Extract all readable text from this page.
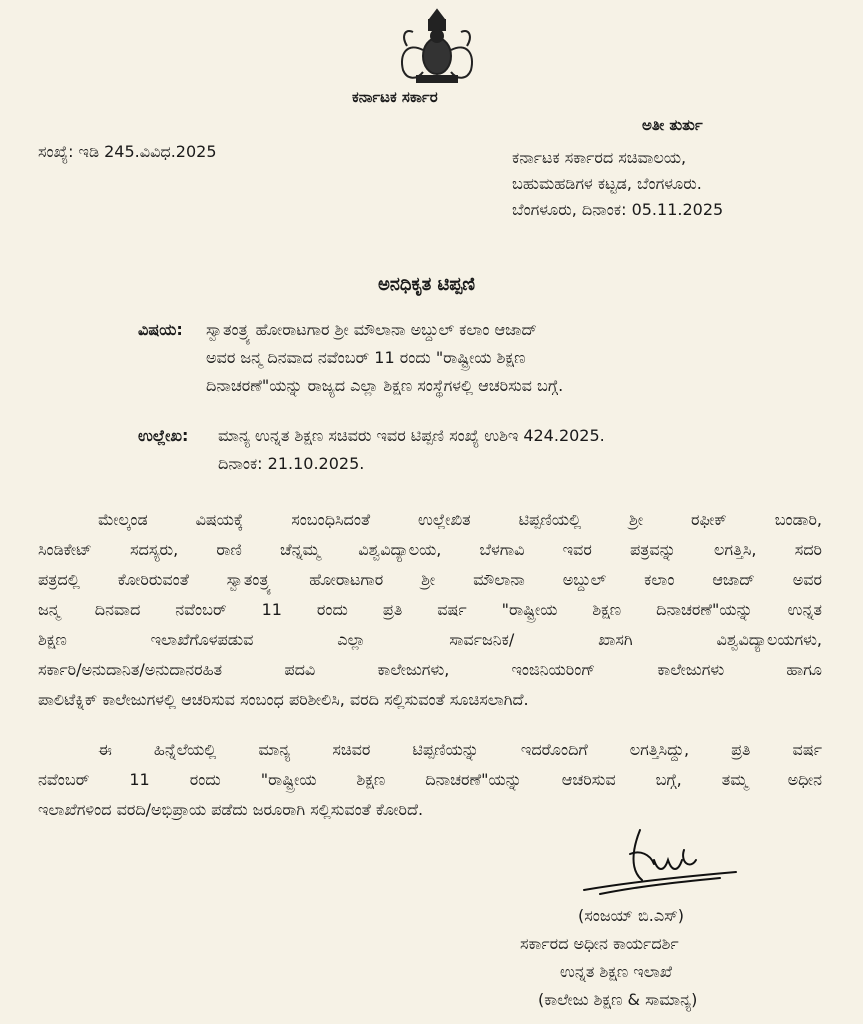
ಕರ್ನಾಟಕ ಸರ್ಕಾರ
ಅತೀ ತುರ್ತು
ಸಂಖ್ಯೆ: ಇಡಿ 245.ವಿವಿಧ.2025	ಕರ್ನಾಟಕ ಸರ್ಕಾರದ ಸಚಿವಾಲಯ,
ಬಹುಮಹಡಿಗಳ ಕಟ್ಟಡ, ಬೆಂಗಳೂರು.
ಬೆಂಗಳೂರು, ದಿನಾಂಕ: 05.11.2025
ಅನಧಿಕೃತ ಟಿಪ್ಪಣಿ
ವಿಷಯ: ಸ್ವಾತಂತ್ರ್ಯ ಹೋರಾಟಗಾರ ಶ್ರೀ ಮೌಲಾನಾ ಅಬ್ದುಲ್ ಕಲಾಂ ಆಜಾದ್
ಅವರ ಜನ್ಮ ದಿನವಾದ ನವೆಂಬರ್ 11 ರಂದು "ರಾಷ್ಟ್ರೀಯ ಶಿಕ್ಷಣ
ದಿನಾಚರಣೆ"ಯನ್ನು ರಾಜ್ಯದ ಎಲ್ಲಾ ಶಿಕ್ಷಣ ಸಂಸ್ಥೆಗಳಲ್ಲಿ ಆಚರಿಸುವ ಬಗ್ಗೆ.
ಉಲ್ಲೇಖ: ಮಾನ್ಯ ಉನ್ನತ ಶಿಕ್ಷಣ ಸಚಿವರು ಇವರ ಟಿಪ್ಪಣಿ ಸಂಖ್ಯೆ ಉಶಿಇ 424.2025.
ದಿನಾಂಕ: 21.10.2025.
ಮೇಲ್ಕಂಡ ವಿಷಯಕ್ಕೆ ಸಂಬಂಧಿಸಿದಂತೆ ಉಲ್ಲೇಖಿತ ಟಿಪ್ಪಣಿಯಲ್ಲಿ ಶ್ರೀ ರಫೀಕ್ ಬಂಡಾರಿ,
ಸಿಂಡಿಕೇಟ್ ಸದಸ್ಯರು, ರಾಣಿ ಚೆನ್ನಮ್ಮ ವಿಶ್ವವಿದ್ಯಾಲಯ, ಬೆಳಗಾವಿ ಇವರ ಪತ್ರವನ್ನು ಲಗತ್ತಿಸಿ, ಸದರಿ
ಪತ್ರದಲ್ಲಿ ಕೋರಿರುವಂತೆ ಸ್ವಾತಂತ್ರ್ಯ ಹೋರಾಟಗಾರ ಶ್ರೀ ಮೌಲಾನಾ ಅಬ್ದುಲ್ ಕಲಾಂ ಆಜಾದ್ ಅವರ
ಜನ್ಮ ದಿನವಾದ ನವೆಂಬರ್ 11 ರಂದು ಪ್ರತಿ ವರ್ಷ "ರಾಷ್ಟ್ರೀಯ ಶಿಕ್ಷಣ ದಿನಾಚರಣೆ"ಯನ್ನು ಉನ್ನತ
ಶಿಕ್ಷಣ ಇಲಾಖೆಗೊಳಪಡುವ ಎಲ್ಲಾ ಸಾರ್ವಜನಿಕ/ ಖಾಸಗಿ ವಿಶ್ವವಿದ್ಯಾಲಯಗಳು,
ಸರ್ಕಾರಿ/ಅನುದಾನಿತ/ಅನುದಾನರಹಿತ ಪದವಿ ಕಾಲೇಜುಗಳು, ಇಂಜಿನಿಯರಿಂಗ್ ಕಾಲೇಜುಗಳು ಹಾಗೂ
ಪಾಲಿಟೆಕ್ನಿಕ್ ಕಾಲೇಜುಗಳಲ್ಲಿ ಆಚರಿಸುವ ಸಂಬಂಧ ಪರಿಶೀಲಿಸಿ, ವರದಿ ಸಲ್ಲಿಸುವಂತೆ ಸೂಚಿಸಲಾಗಿದೆ.
ಈ ಹಿನ್ನೆಲೆಯಲ್ಲಿ ಮಾನ್ಯ ಸಚಿವರ ಟಿಪ್ಪಣಿಯನ್ನು ಇದರೊಂದಿಗೆ ಲಗತ್ತಿಸಿದ್ದು, ಪ್ರತಿ ವರ್ಷ
ನವೆಂಬರ್ 11 ರಂದು "ರಾಷ್ಟ್ರೀಯ ಶಿಕ್ಷಣ ದಿನಾಚರಣೆ"ಯನ್ನು ಆಚರಿಸುವ ಬಗ್ಗೆ, ತಮ್ಮ ಅಧೀನ
ಇಲಾಖೆಗಳಿಂದ ವರದಿ/ಅಭಿಪ್ರಾಯ ಪಡೆದು ಜರೂರಾಗಿ ಸಲ್ಲಿಸುವಂತೆ ಕೋರಿದೆ.
(ಸಂಜಯ್ ಬಿ.ಎಸ್)
ಸರ್ಕಾರದ ಅಧೀನ ಕಾರ್ಯದರ್ಶಿ
ಉನ್ನತ ಶಿಕ್ಷಣ ಇಲಾಖೆ
(ಕಾಲೇಜು ಶಿಕ್ಷಣ & ಸಾಮಾನ್ಯ)
